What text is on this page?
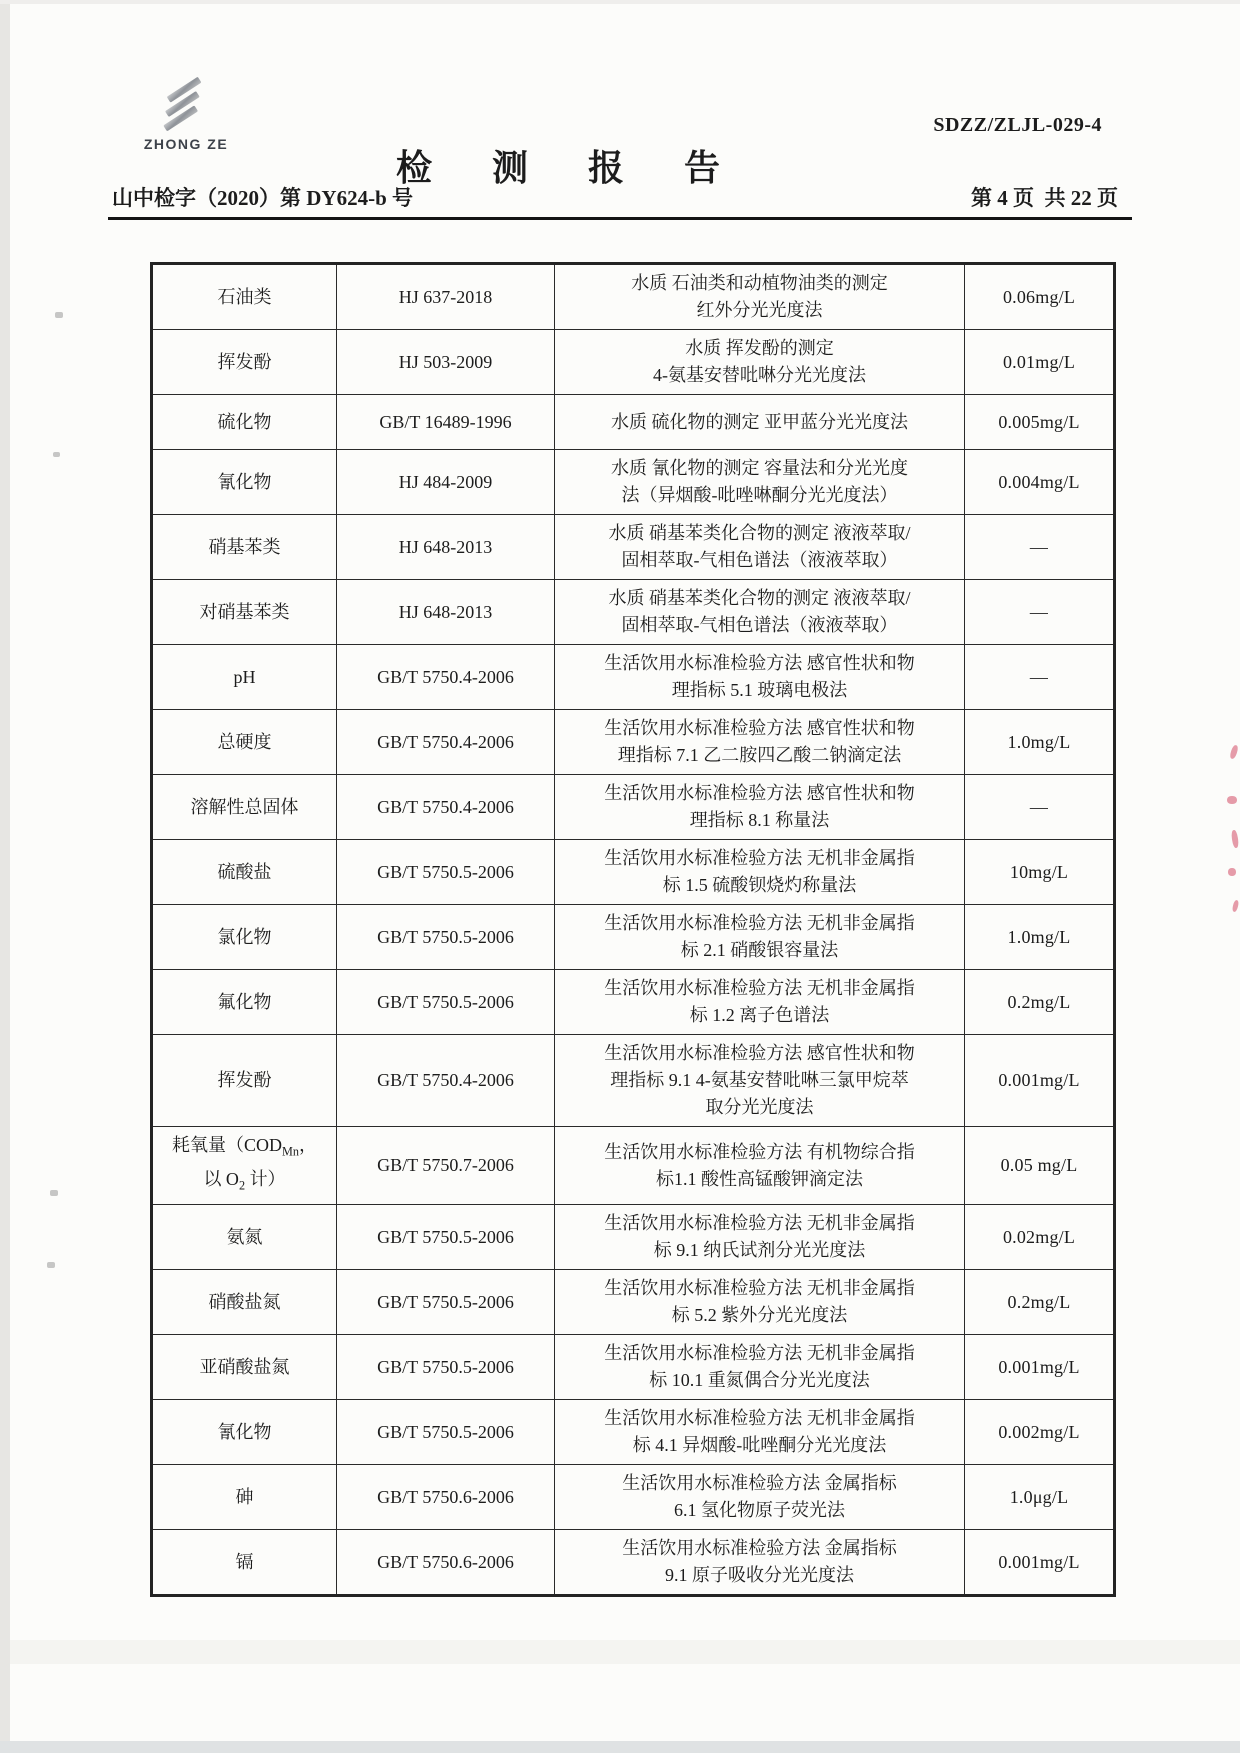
ZHONG ZE
SDZZ/ZLJL-029-4
检  测  报  告
山中检字（2020）第 DY624-b 号	第 4 页  共 22 页
石油类	HJ 637-2018	水质 石油类和动植物油类的测定
红外分光光度法	0.06mg/L
挥发酚	HJ 503-2009	水质 挥发酚的测定
4-氨基安替吡啉分光光度法	0.01mg/L
硫化物	GB/T 16489-1996	水质 硫化物的测定 亚甲蓝分光光度法	0.005mg/L
氰化物	HJ 484-2009	水质 氰化物的测定 容量法和分光光度
法（异烟酸-吡唑啉酮分光光度法）	0.004mg/L
硝基苯类	HJ 648-2013	水质 硝基苯类化合物的测定 液液萃取/
固相萃取-气相色谱法（液液萃取）	—
对硝基苯类	HJ 648-2013	水质 硝基苯类化合物的测定 液液萃取/
固相萃取-气相色谱法（液液萃取）	—
pH	GB/T 5750.4-2006	生活饮用水标准检验方法 感官性状和物
理指标 5.1 玻璃电极法	—
总硬度	GB/T 5750.4-2006	生活饮用水标准检验方法 感官性状和物
理指标 7.1 乙二胺四乙酸二钠滴定法	1.0mg/L
溶解性总固体	GB/T 5750.4-2006	生活饮用水标准检验方法 感官性状和物
理指标 8.1 称量法	—
硫酸盐	GB/T 5750.5-2006	生活饮用水标准检验方法 无机非金属指
标 1.5 硫酸钡烧灼称量法	10mg/L
氯化物	GB/T 5750.5-2006	生活饮用水标准检验方法 无机非金属指
标 2.1 硝酸银容量法	1.0mg/L
氟化物	GB/T 5750.5-2006	生活饮用水标准检验方法 无机非金属指
标 1.2 离子色谱法	0.2mg/L
挥发酚	GB/T 5750.4-2006	生活饮用水标准检验方法 感官性状和物
理指标 9.1 4-氨基安替吡啉三氯甲烷萃
取分光光度法	0.001mg/L
耗氧量（$COD_{Mn}$，
以 $O_2$ 计）	GB/T 5750.7-2006	生活饮用水标准检验方法 有机物综合指
标1.1 酸性高锰酸钾滴定法	0.05 mg/L
氨氮	GB/T 5750.5-2006	生活饮用水标准检验方法 无机非金属指
标 9.1 纳氏试剂分光光度法	0.02mg/L
硝酸盐氮	GB/T 5750.5-2006	生活饮用水标准检验方法 无机非金属指
标 5.2 紫外分光光度法	0.2mg/L
亚硝酸盐氮	GB/T 5750.5-2006	生活饮用水标准检验方法 无机非金属指
标 10.1 重氮偶合分光光度法	0.001mg/L
氰化物	GB/T 5750.5-2006	生活饮用水标准检验方法 无机非金属指
标 4.1 异烟酸-吡唑酮分光光度法	0.002mg/L
砷	GB/T 5750.6-2006	生活饮用水标准检验方法 金属指标
6.1 氢化物原子荧光法	1.0μg/L
镉	GB/T 5750.6-2006	生活饮用水标准检验方法 金属指标
9.1 原子吸收分光光度法	0.001mg/L
